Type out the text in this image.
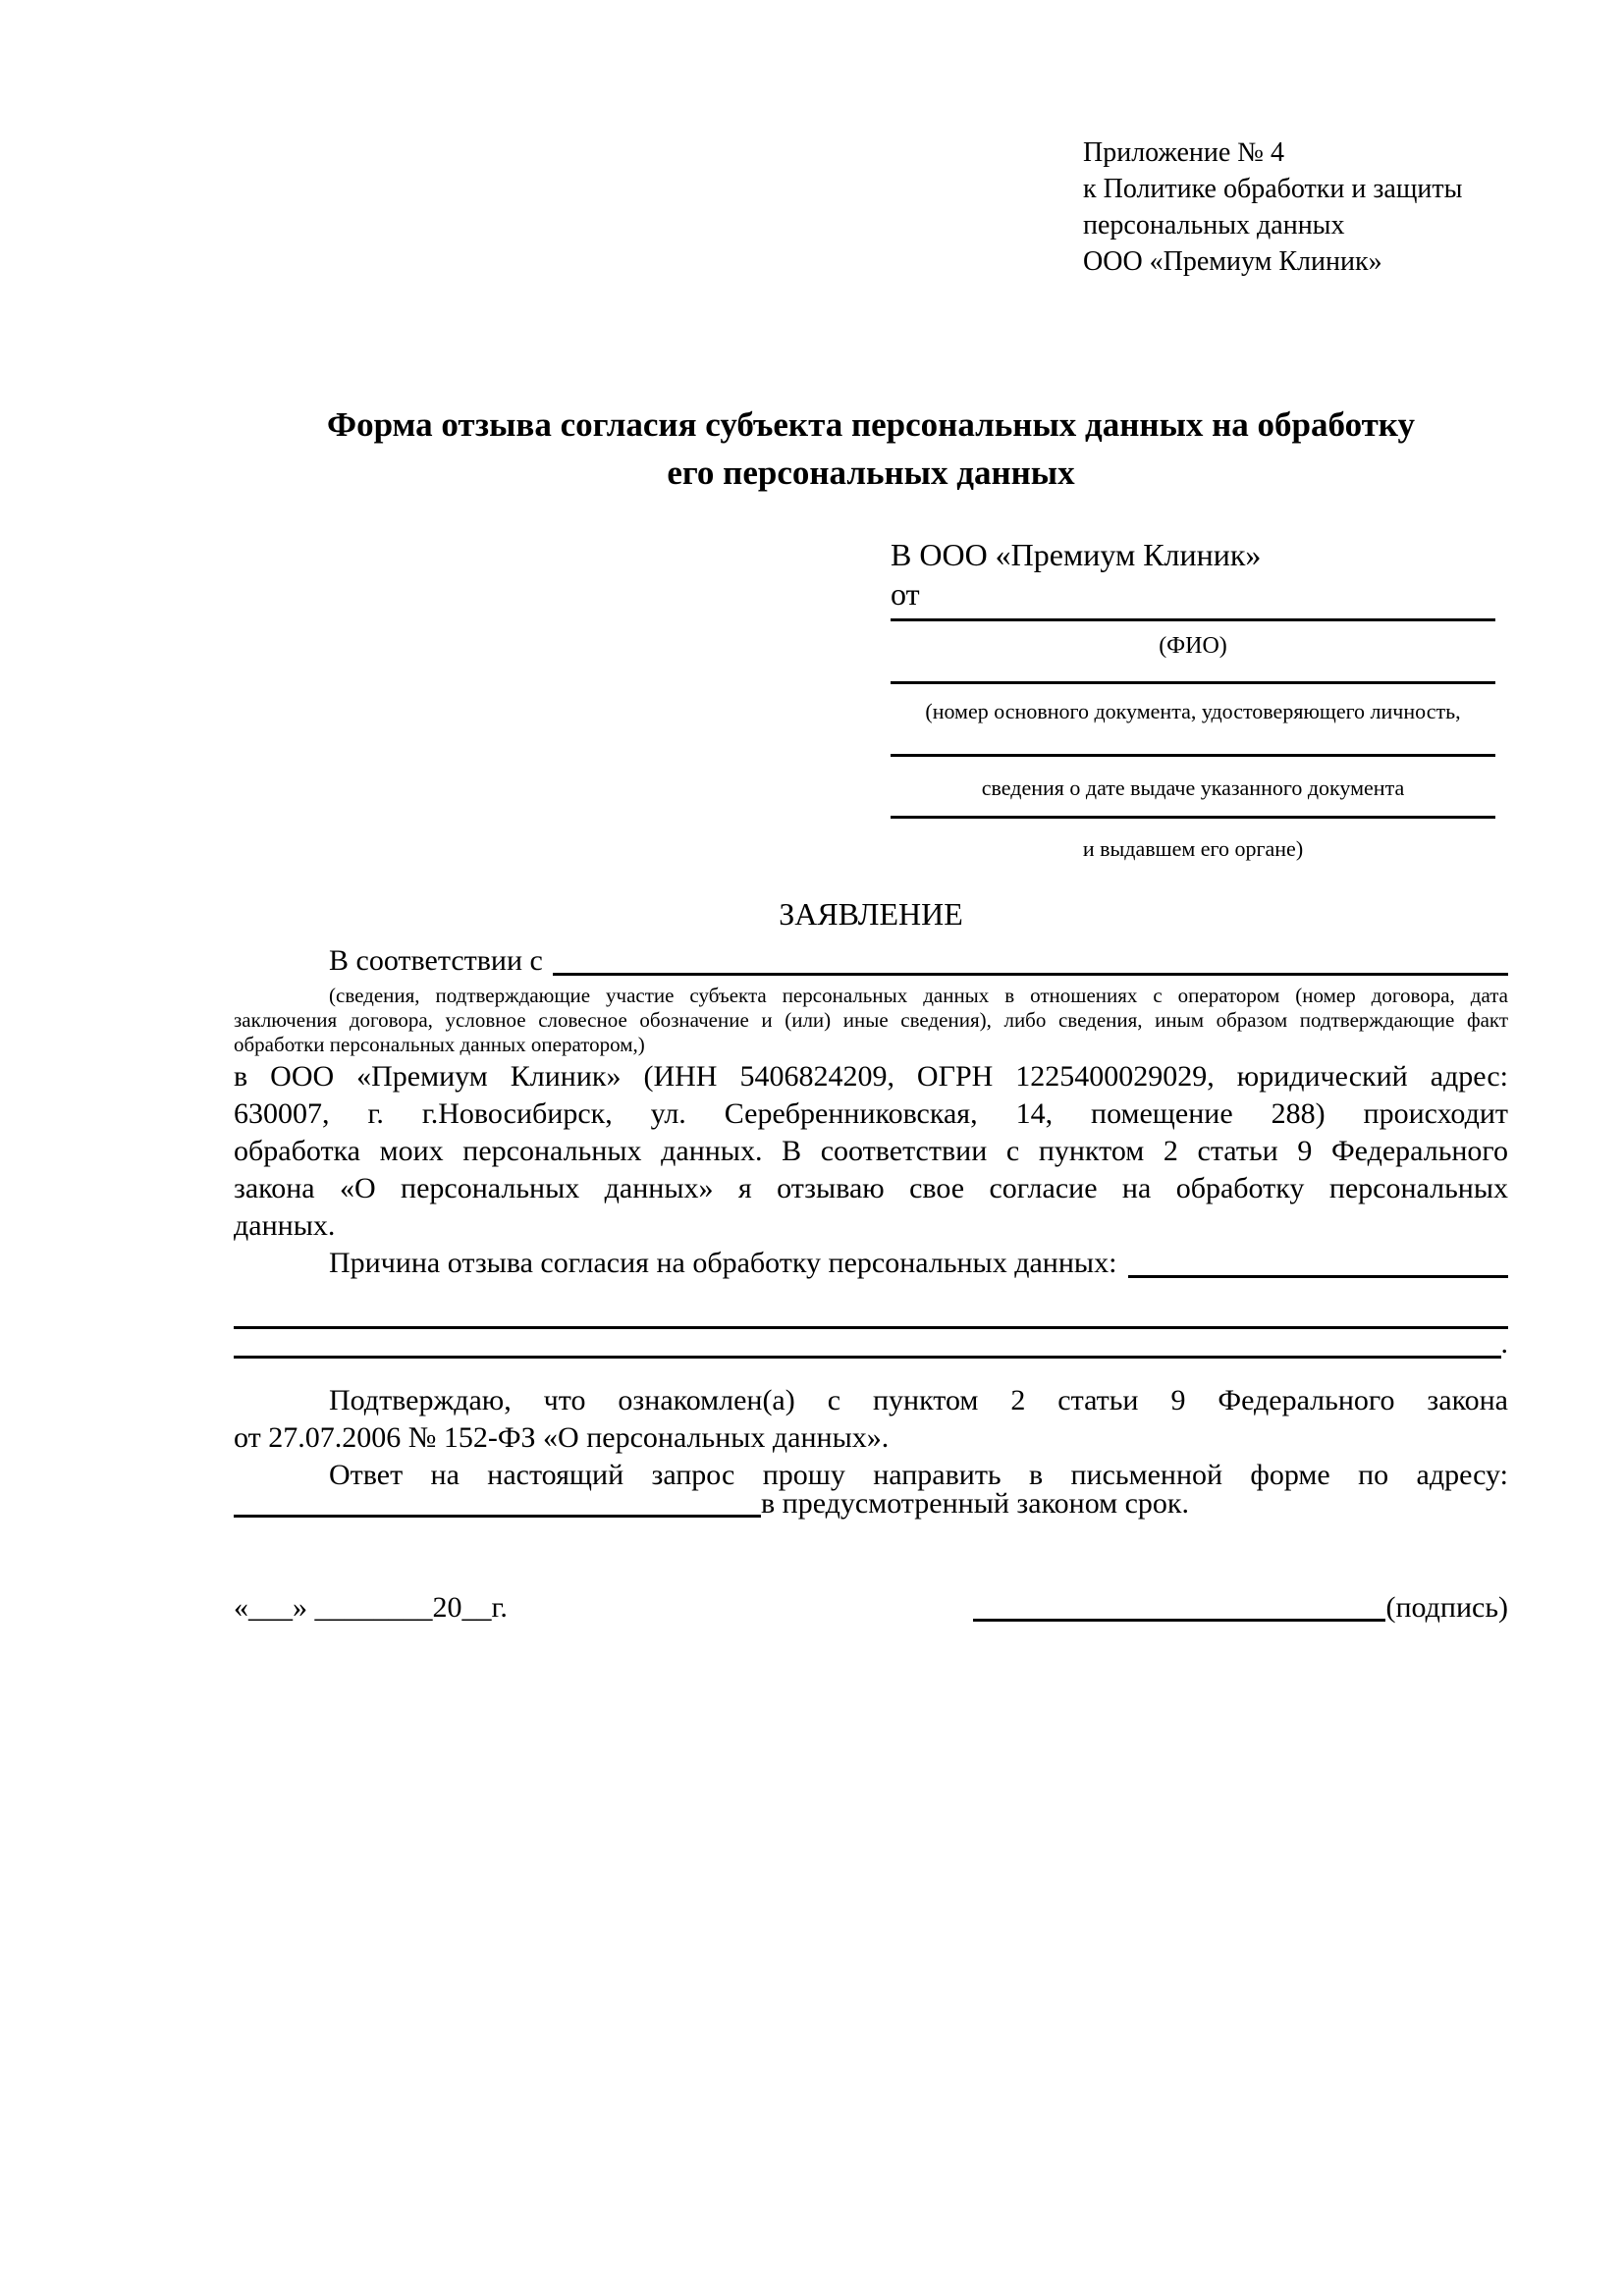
Приложение № 4
к Политике обработки и защиты
персональных данных
ООО «Премиум Клиник»
Форма отзыва согласия субъекта персональных данных на обработку
его персональных данных
В ООО «Премиум Клиник»
от
(ФИО)
(номер основного документа, удостоверяющего личность,
сведения о дате выдаче указанного документа
и выдавшем его органе)
ЗАЯВЛЕНИЕ
В соответствии с
(сведения, подтверждающие участие субъекта персональных данных в отношениях с оператором (номер договора, дата
заключения договора, условное словесное обозначение и (или) иные сведения), либо сведения, иным образом подтверждающие факт
обработки персональных данных оператором,)
в ООО «Премиум Клиник» (ИНН 5406824209, ОГРН 1225400029029, юридический адрес:
630007, г. г.Новосибирск, ул. Серебренниковская, 14, помещение 288) происходит
обработка моих персональных данных. В соответствии с пунктом 2 статьи 9 Федерального
закона «О персональных данных» я отзываю свое согласие на обработку персональных
данных.
Причина отзыва согласия на обработку персональных данных:
.
Подтверждаю, что ознакомлен(а) с пунктом 2 статьи 9 Федерального закона
от 27.07.2006 № 152-ФЗ «О персональных данных».
Ответ на настоящий запрос прошу направить в письменной форме по адресу:
в предусмотренный законом срок.
«___» ________20__г.	(подпись)
